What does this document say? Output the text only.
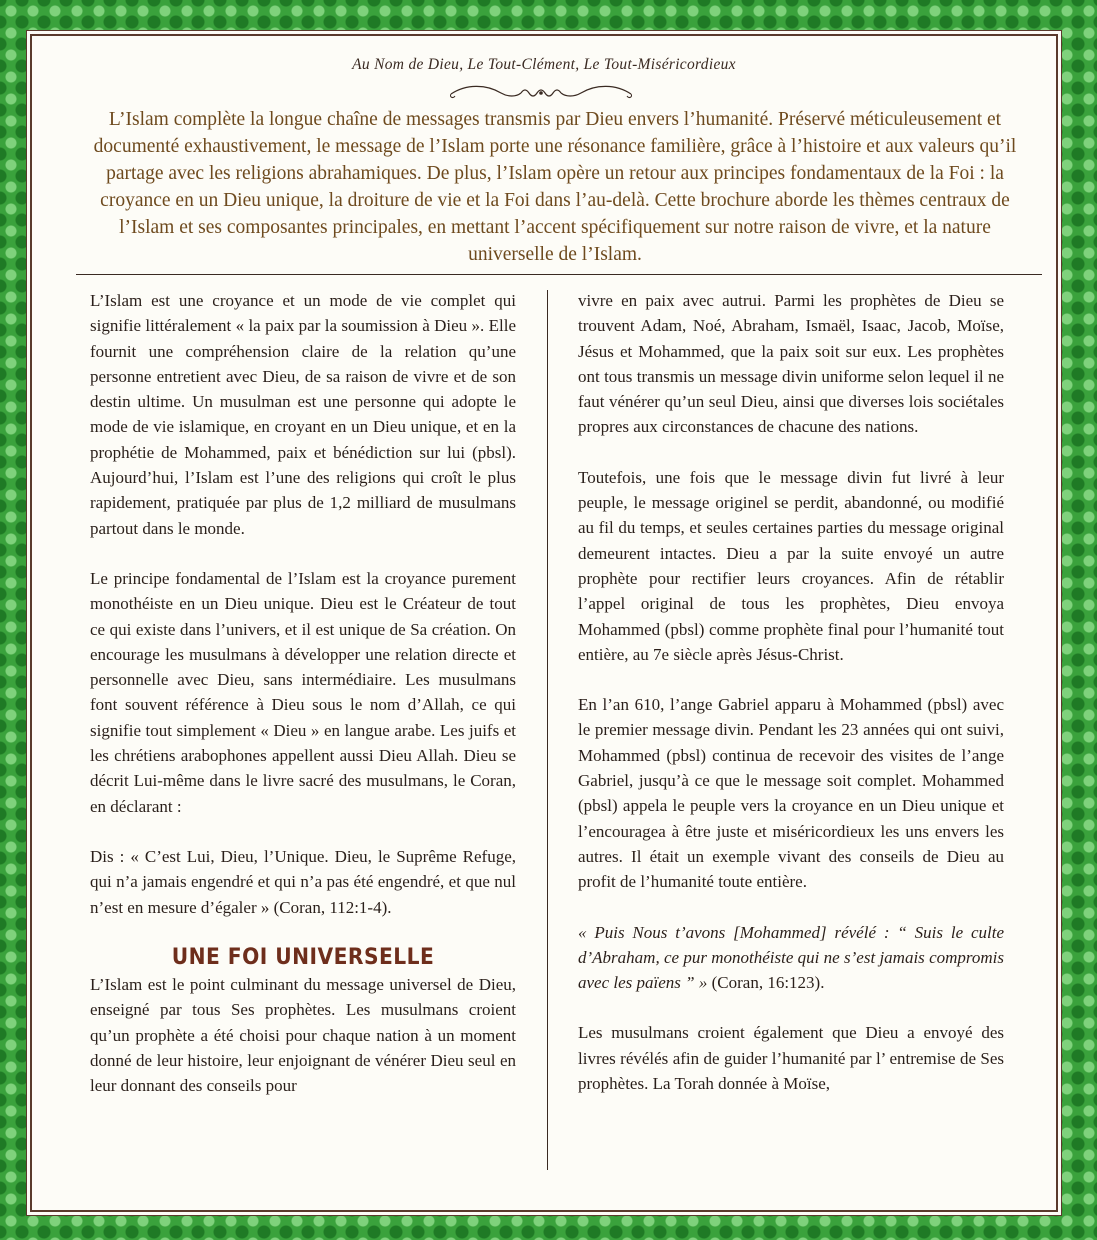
Au Nom de Dieu, Le Tout-Clément, Le Tout-Miséricordieux
L’Islam complète la longue chaîne de messages transmis par Dieu envers l’humanité. Préservé méticuleusement et documenté exhaustivement, le message de l’Islam porte une résonance familière, grâce à l’histoire et aux valeurs qu’il partage avec les religions abrahamiques. De plus, l’Islam opère un retour aux principes fondamentaux de la Foi : la croyance en un Dieu unique, la droiture de vie et la Foi dans l’au-delà. Cette brochure aborde les thèmes centraux de l’Islam et ses composantes principales, en mettant l’accent spécifiquement sur notre raison de vivre, et la nature universelle de l’Islam.

L’Islam est une croyance et un mode de vie complet qui signifie littéralement « la paix par la soumission à Dieu ». Elle fournit une compréhension claire de la relation qu’une personne entretient avec Dieu, de sa raison de vivre et de son destin ultime. Un musulman est une personne qui adopte le mode de vie islamique, en croyant en un Dieu unique, et en la prophétie de Mohammed, paix et bénédiction sur lui (pbsl). Aujourd’hui, l’Islam est l’une des religions qui croît le plus rapidement, pratiquée par plus de 1,2 milliard de musulmans partout dans le monde.

Le principe fondamental de l’Islam est la croyance purement monothéiste en un Dieu unique. Dieu est le Créateur de tout ce qui existe dans l’univers, et il est unique de Sa création. On encourage les musulmans à développer une relation directe et personnelle avec Dieu, sans intermédiaire. Les musulmans font souvent référence à Dieu sous le nom d’Allah, ce qui signifie tout simplement « Dieu » en langue arabe. Les juifs et les chrétiens arabophones appellent aussi Dieu Allah. Dieu se décrit Lui-même dans le livre sacré des musulmans, le Coran, en déclarant :

Dis : « C’est Lui, Dieu, l’Unique. Dieu, le Suprême Refuge, qui n’a jamais engendré et qui n’a pas été engendré, et que nul n’est en mesure d’égaler » (Coran, 112:1-4).

UNE FOI UNIVERSELLE

L’Islam est le point culminant du message universel de Dieu, enseigné par tous Ses prophètes. Les musulmans croient qu’un prophète a été choisi pour chaque nation à un moment donné de leur histoire, leur enjoignant de vénérer Dieu seul en leur donnant des conseils pour

vivre en paix avec autrui. Parmi les prophètes de Dieu se trouvent Adam, Noé, Abraham, Ismaël, Isaac, Jacob, Moïse, Jésus et Mohammed, que la paix soit sur eux. Les prophètes ont tous transmis un message divin uniforme selon lequel il ne faut vénérer qu’un seul Dieu, ainsi que diverses lois sociétales propres aux circonstances de chacune des nations.

Toutefois, une fois que le message divin fut livré à leur peuple, le message originel se perdit, abandonné, ou modifié au fil du temps, et seules certaines parties du message original demeurent intactes. Dieu a par la suite envoyé un autre prophète pour rectifier leurs croyances. Afin de rétablir l’appel original de tous les prophètes, Dieu envoya Mohammed (pbsl) comme prophète final pour l’humanité tout entière, au 7e siècle après Jésus-Christ.

En l’an 610, l’ange Gabriel apparu à Mohammed (pbsl) avec le premier message divin. Pendant les 23 années qui ont suivi, Mohammed (pbsl) continua de recevoir des visites de l’ange Gabriel, jusqu’à ce que le message soit complet. Mohammed (pbsl) appela le peuple vers la croyance en un Dieu unique et l’encouragea à être juste et miséricordieux les uns envers les autres. Il était un exemple vivant des conseils de Dieu au profit de l’humanité toute entière.

« Puis Nous t’avons [Mohammed] révélé : “ Suis le culte d’Abraham, ce pur monothéiste qui ne s’est jamais compromis avec les païens ” » (Coran, 16:123).

Les musulmans croient également que Dieu a envoyé des livres révélés afin de guider l’humanité par l’ entremise de Ses prophètes. La Torah donnée à Moïse,
